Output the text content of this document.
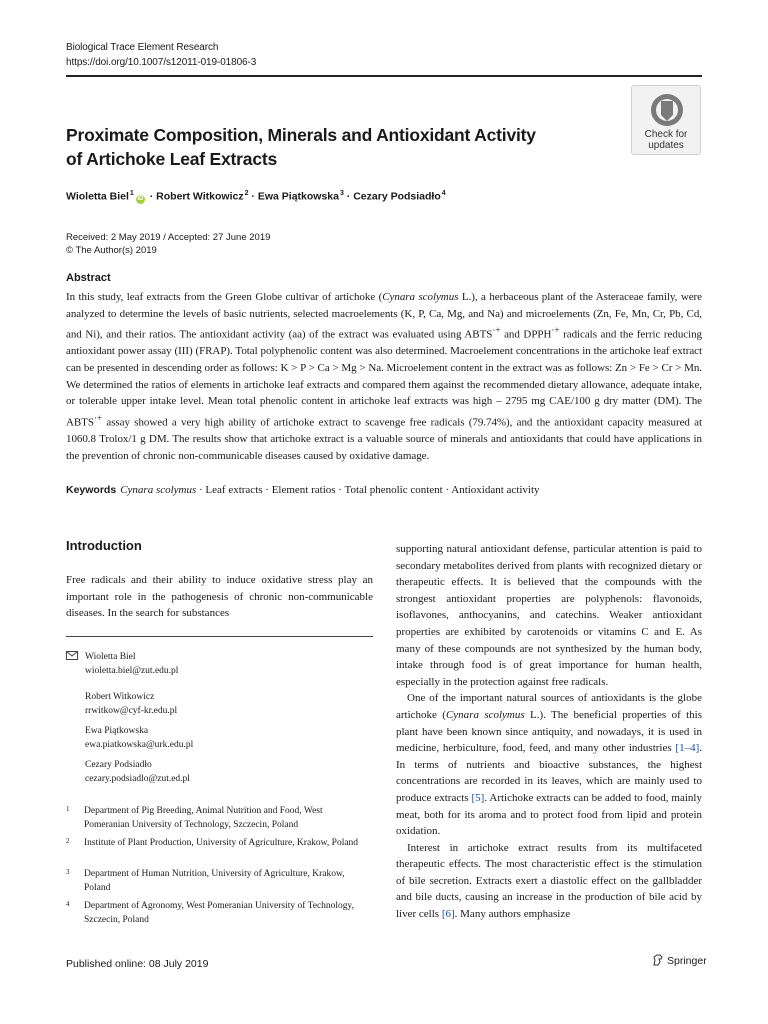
Biological Trace Element Research
https://doi.org/10.1007/s12011-019-01806-3
Check for
updates
Proximate Composition, Minerals and Antioxidant Activity
of Artichoke Leaf Extracts
Wioletta Biel$^1$iD · Robert Witkowicz$^2$ · Ewa Piątkowska$^3$ · Cezary Podsiadło$^4$
Received: 2 May 2019 / Accepted: 27 June 2019
© The Author(s) 2019
Abstract
In this study, leaf extracts from the Green Globe cultivar of artichoke (Cynara scolymus L.), a herbaceous plant of the Asteraceae family, were analyzed to determine the levels of basic nutrients, selected macroelements (K, P, Ca, Mg, and Na) and microelements (Zn, Fe, Mn, Cr, Pb, Cd, and Ni), and their ratios. The antioxidant activity (aa) of the extract was evaluated using ABTS·+ and DPPH·+ radicals and the ferric reducing antioxidant power assay (III) (FRAP). Total polyphenolic content was also determined. Macroelement concentrations in the artichoke leaf extract can be presented in descending order as follows: K > P > Ca > Mg > Na. Microelement content in the extract was as follows: Zn > Fe > Cr > Mn. We determined the ratios of elements in artichoke leaf extracts and compared them against the recommended dietary allowance, adequate intake, or tolerable upper intake level. Mean total phenolic content in artichoke leaf extracts was high – 2795 mg CAE/100 g dry matter (DM). The ABTS·+ assay showed a very high ability of artichoke extract to scavenge free radicals (79.74%), and the antioxidant capacity measured at 1060.8 Trolox/1 g DM. The results show that artichoke extract is a valuable source of minerals and antioxidants that could have applications in the prevention of chronic non-communicable diseases caused by oxidative damage.
Keywords Cynara scolymus · Leaf extracts · Element ratios · Total phenolic content · Antioxidant activity
Introduction

Free radicals and their ability to induce oxidative stress play an important role in the pathogenesis of chronic non-communicable diseases. In the search for substances

Wioletta Biel
wioletta.biel@zut.edu.pl
Robert Witkowicz
rrwitkow@cyf-kr.edu.pl
Ewa Piątkowska
ewa.piatkowska@urk.edu.pl
Cezary Podsiadło
cezary.podsiadlo@zut.ed.pl
1 Department of Pig Breeding, Animal Nutrition and Food, West Pomeranian University of Technology, Szczecin, Poland
2 Institute of Plant Production, University of Agriculture, Krakow, Poland
3 Department of Human Nutrition, University of Agriculture, Krakow, Poland
4 Department of Agronomy, West Pomeranian University of Technology, Szczecin, Poland

supporting natural antioxidant defense, particular attention is paid to secondary metabolites derived from plants with recognized dietary or therapeutic effects. It is believed that the compounds with the strongest antioxidant properties are polyphenols: flavonoids, isoflavones, anthocyanins, and catechins. Weaker antioxidant properties are exhibited by carotenoids or vitamins C and E. As many of these compounds are not synthesized by the human body, intake through food is of great importance for human health, especially in the protection against free radicals.

One of the important natural sources of antioxidants is the globe artichoke (Cynara scolymus L.). The beneficial properties of this plant have been known since antiquity, and nowadays, it is used in medicine, herbiculture, food, feed, and many other industries [1–4]. In terms of nutrients and bioactive substances, the highest concentrations are recorded in its leaves, which are mainly used to produce extracts [5]. Artichoke extracts can be added to food, mainly meat, both for its aroma and to protect food from lipid and protein oxidation.

Interest in artichoke extract results from its multifaceted therapeutic effects. The most characteristic effect is the stimulation of bile secretion. Extracts exert a diastolic effect on the gallbladder and bile ducts, causing an increase in the production of bile acid by liver cells [6]. Many authors emphasize

Published online: 08 July 2019	Springer
